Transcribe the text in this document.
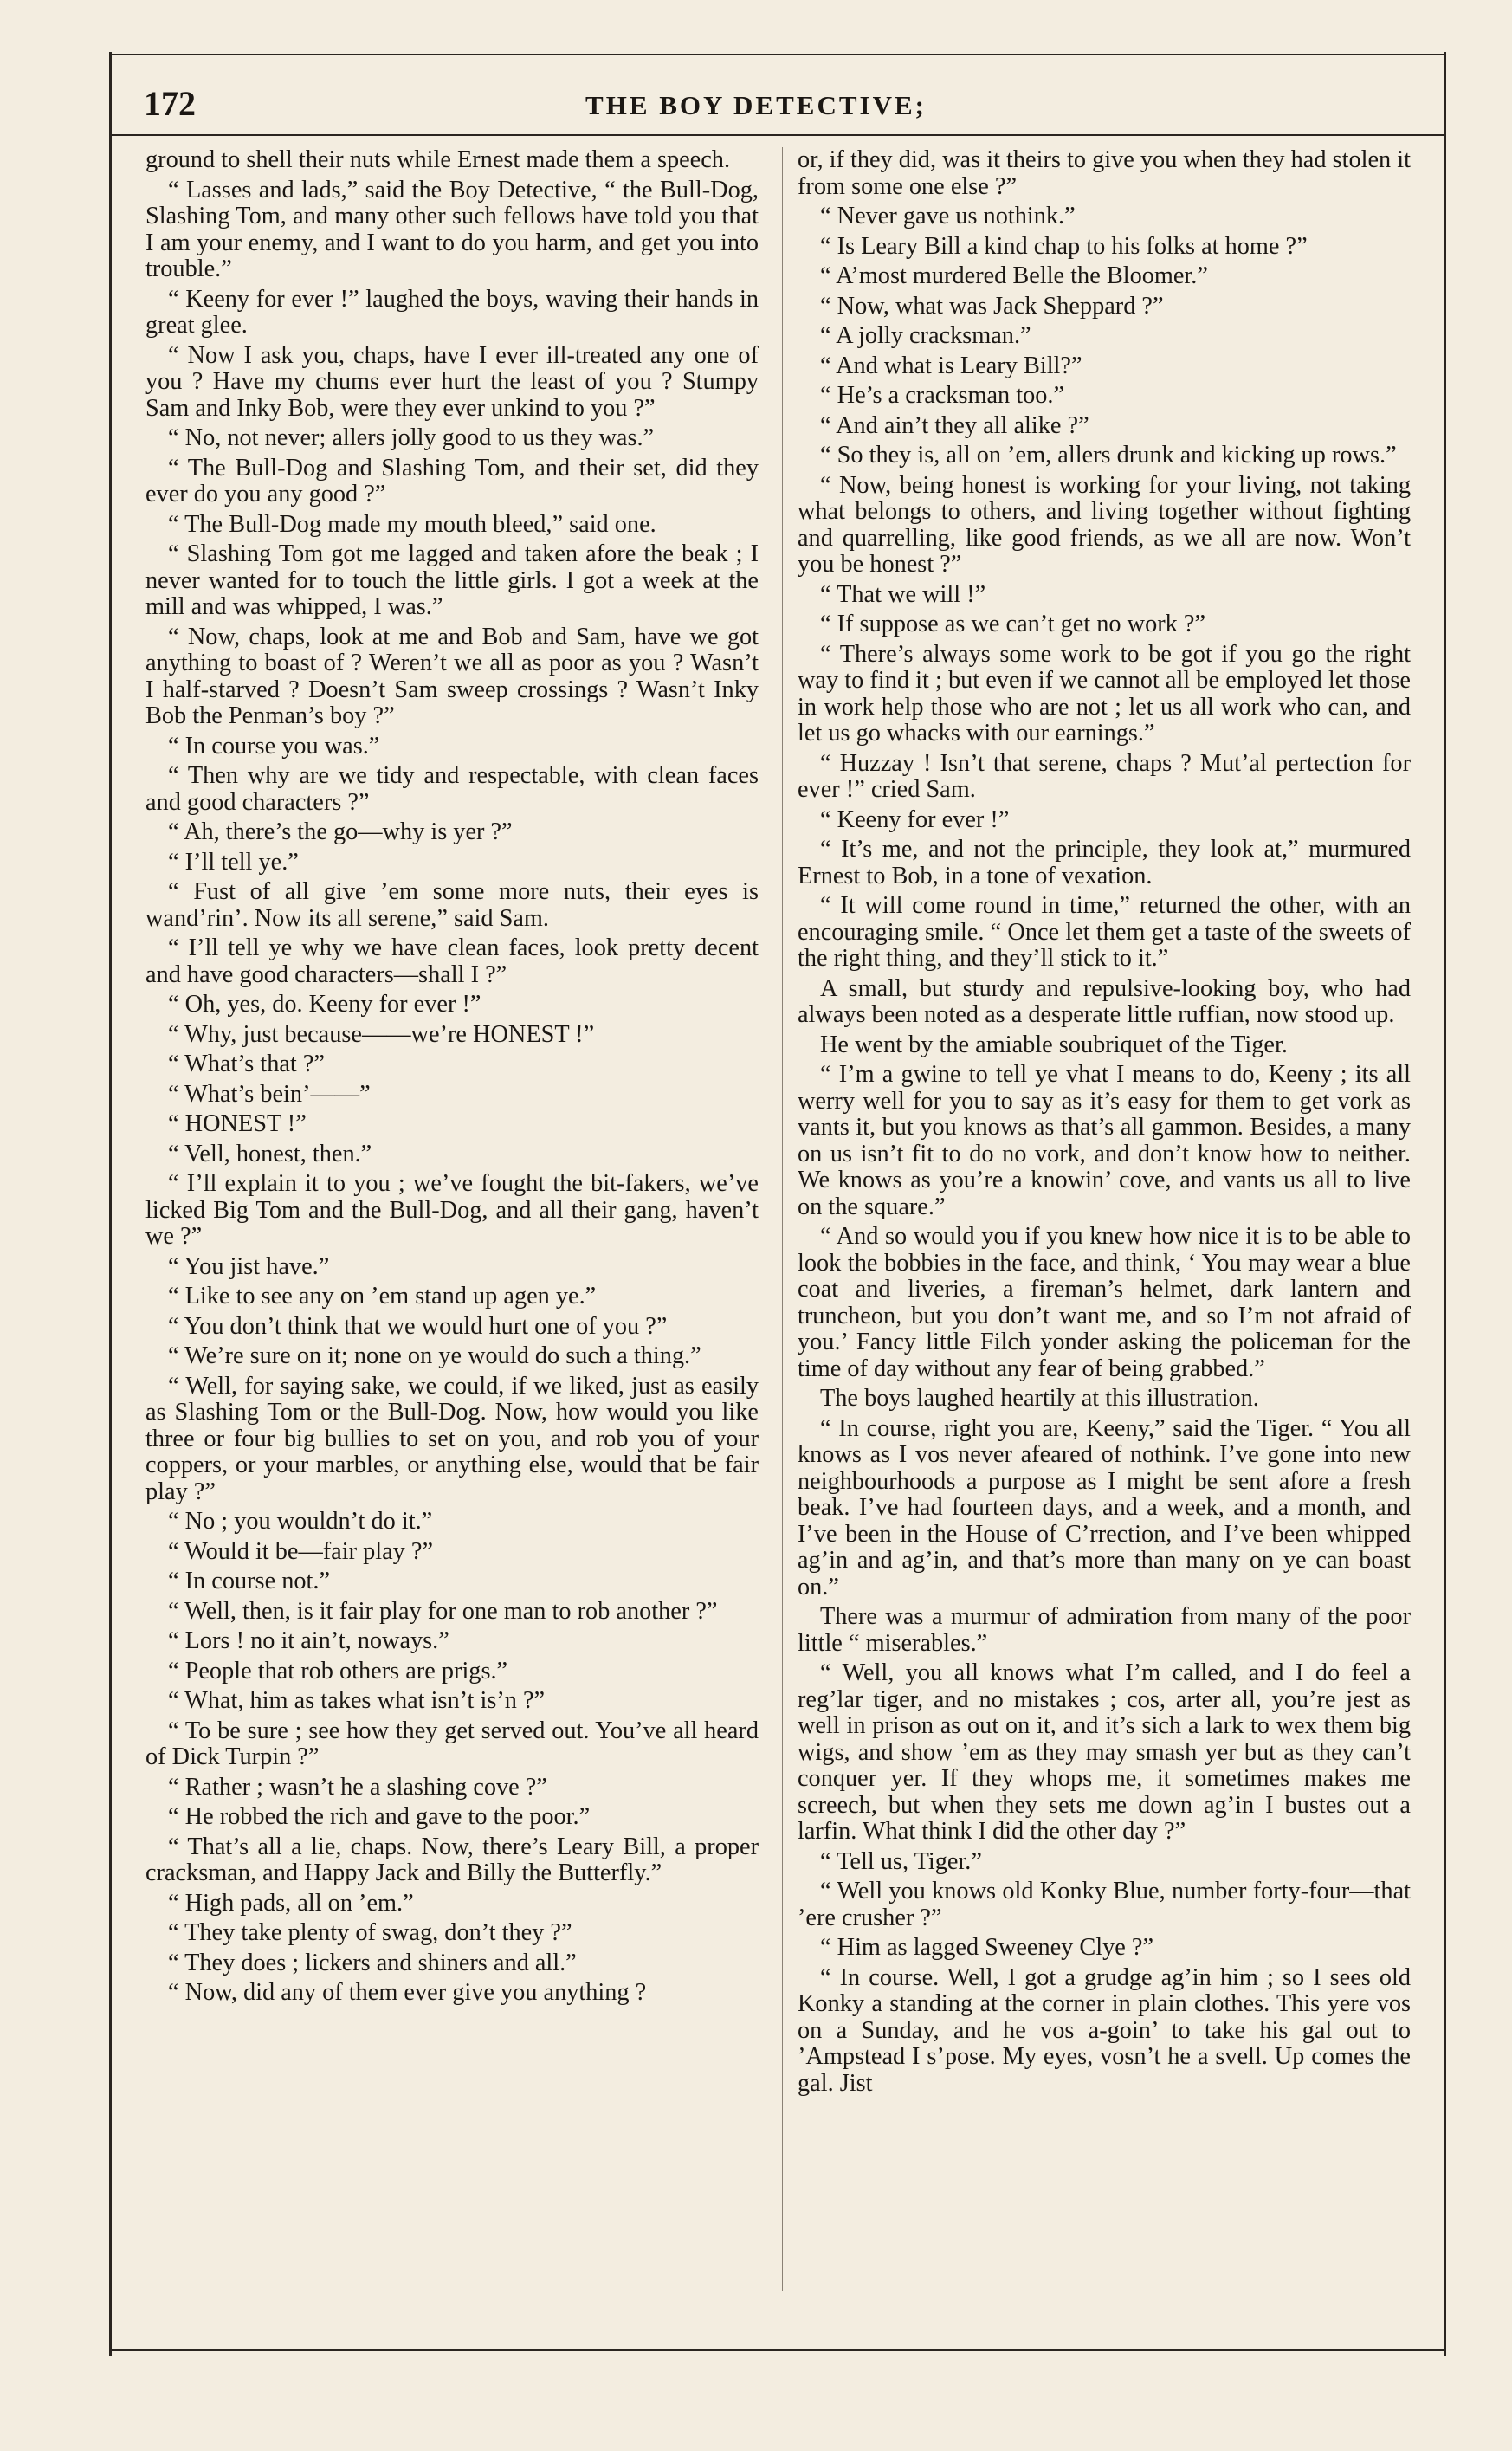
172	THE BOY DETECTIVE;

ground to shell their nuts while Ernest made them a speech.

“ Lasses and lads,” said the Boy Detective, “ the Bull-Dog, Slashing Tom, and many other such fellows have told you that I am your enemy, and I want to do you harm, and get you into trouble.”

“ Keeny for ever !” laughed the boys, waving their hands in great glee.

“ Now I ask you, chaps, have I ever ill-treated any one of you ? Have my chums ever hurt the least of you ? Stumpy Sam and Inky Bob, were they ever unkind to you ?”

“ No, not never; allers jolly good to us they was.”

“ The Bull-Dog and Slashing Tom, and their set, did they ever do you any good ?”

“ The Bull-Dog made my mouth bleed,” said one.

“ Slashing Tom got me lagged and taken afore the beak ; I never wanted for to touch the little girls. I got a week at the mill and was whipped, I was.”

“ Now, chaps, look at me and Bob and Sam, have we got anything to boast of ? Weren’t we all as poor as you ? Wasn’t I half-starved ? Doesn’t Sam sweep crossings ? Wasn’t Inky Bob the Penman’s boy ?”

“ In course you was.”

“ Then why are we tidy and respectable, with clean faces and good characters ?”

“ Ah, there’s the go—why is yer ?”

“ I’ll tell ye.”

“ Fust of all give ’em some more nuts, their eyes is wand’rin’. Now its all serene,” said Sam.

“ I’ll tell ye why we have clean faces, look pretty decent and have good characters—shall I ?”

“ Oh, yes, do. Keeny for ever !”

“ Why, just because——we’re HONEST !”

“ What’s that ?”

“ What’s bein’——”

“ HONEST !”

“ Vell, honest, then.”

“ I’ll explain it to you ; we’ve fought the bit-fakers, we’ve licked Big Tom and the Bull-Dog, and all their gang, haven’t we ?”

“ You jist have.”

“ Like to see any on ’em stand up agen ye.”

“ You don’t think that we would hurt one of you ?”

“ We’re sure on it; none on ye would do such a thing.”

“ Well, for saying sake, we could, if we liked, just as easily as Slashing Tom or the Bull-Dog. Now, how would you like three or four big bullies to set on you, and rob you of your coppers, or your marbles, or anything else, would that be fair play ?”

“ No ; you wouldn’t do it.”

“ Would it be—fair play ?”

“ In course not.”

“ Well, then, is it fair play for one man to rob another ?”

“ Lors ! no it ain’t, noways.”

“ People that rob others are prigs.”

“ What, him as takes what isn’t is’n ?”

“ To be sure ; see how they get served out. You’ve all heard of Dick Turpin ?”

“ Rather ; wasn’t he a slashing cove ?”

“ He robbed the rich and gave to the poor.”

“ That’s all a lie, chaps. Now, there’s Leary Bill, a proper cracksman, and Happy Jack and Billy the Butterfly.”

“ High pads, all on ’em.”

“ They take plenty of swag, don’t they ?”

“ They does ; lickers and shiners and all.”

“ Now, did any of them ever give you anything ?

or, if they did, was it theirs to give you when they had stolen it from some one else ?”

“ Never gave us nothink.”

“ Is Leary Bill a kind chap to his folks at home ?”

“ A’most murdered Belle the Bloomer.”

“ Now, what was Jack Sheppard ?”

“ A jolly cracksman.”

“ And what is Leary Bill?”

“ He’s a cracksman too.”

“ And ain’t they all alike ?”

“ So they is, all on ’em, allers drunk and kicking up rows.”

“ Now, being honest is working for your living, not taking what belongs to others, and living together without fighting and quarrelling, like good friends, as we all are now. Won’t you be honest ?”

“ That we will !”

“ If suppose as we can’t get no work ?”

“ There’s always some work to be got if you go the right way to find it ; but even if we cannot all be employed let those in work help those who are not ; let us all work who can, and let us go whacks with our earnings.”

“ Huzzay ! Isn’t that serene, chaps ? Mut’al pertection for ever !” cried Sam.

“ Keeny for ever !”

“ It’s me, and not the principle, they look at,” murmured Ernest to Bob, in a tone of vexation.

“ It will come round in time,” returned the other, with an encouraging smile. “ Once let them get a taste of the sweets of the right thing, and they’ll stick to it.”

A small, but sturdy and repulsive-looking boy, who had always been noted as a desperate little ruffian, now stood up.

He went by the amiable soubriquet of the Tiger.

“ I’m a gwine to tell ye vhat I means to do, Keeny ; its all werry well for you to say as it’s easy for them to get vork as vants it, but you knows as that’s all gammon. Besides, a many on us isn’t fit to do no vork, and don’t know how to neither. We knows as you’re a knowin’ cove, and vants us all to live on the square.”

“ And so would you if you knew how nice it is to be able to look the bobbies in the face, and think, ‘ You may wear a blue coat and liveries, a fireman’s helmet, dark lantern and truncheon, but you don’t want me, and so I’m not afraid of you.’ Fancy little Filch yonder asking the policeman for the time of day without any fear of being grabbed.”

The boys laughed heartily at this illustration.

“ In course, right you are, Keeny,” said the Tiger. “ You all knows as I vos never afeared of nothink. I’ve gone into new neighbourhoods a purpose as I might be sent afore a fresh beak. I’ve had fourteen days, and a week, and a month, and I’ve been in the House of C’rrection, and I’ve been whipped ag’in and ag’in, and that’s more than many on ye can boast on.”

There was a murmur of admiration from many of the poor little “ miserables.”

“ Well, you all knows what I’m called, and I do feel a reg’lar tiger, and no mistakes ; cos, arter all, you’re jest as well in prison as out on it, and it’s sich a lark to wex them big wigs, and show ’em as they may smash yer but as they can’t conquer yer. If they whops me, it sometimes makes me screech, but when they sets me down ag’in I bustes out a larfin. What think I did the other day ?”

“ Tell us, Tiger.”

“ Well you knows old Konky Blue, number forty-four—that ’ere crusher ?”

“ Him as lagged Sweeney Clye ?”

“ In course. Well, I got a grudge ag’in him ; so I sees old Konky a standing at the corner in plain clothes. This yere vos on a Sunday, and he vos a-goin’ to take his gal out to ’Ampstead I s’pose. My eyes, vosn’t he a svell. Up comes the gal. Jist
